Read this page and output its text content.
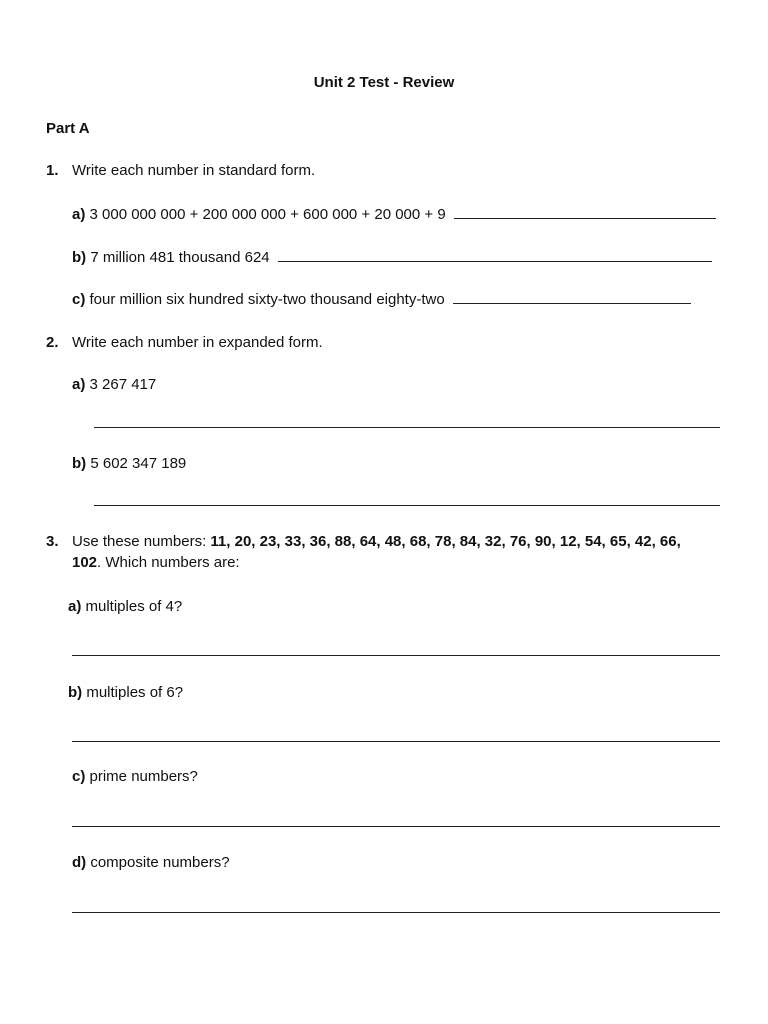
Unit 2 Test - Review
Part A
1. Write each number in standard form.
a) 3 000 000 000 + 200 000 000 + 600 000 + 20 000 + 9
b) 7 million 481 thousand 624
c) four million six hundred sixty-two thousand eighty-two
2. Write each number in expanded form.
a) 3 267 417
b) 5 602 347 189
3. Use these numbers: 11, 20, 23, 33, 36, 88, 64, 48, 68, 78, 84, 32, 76, 90, 12, 54, 65, 42, 66,
102. Which numbers are:
a) multiples of 4?
b) multiples of 6?
c) prime numbers?
d) composite numbers?
